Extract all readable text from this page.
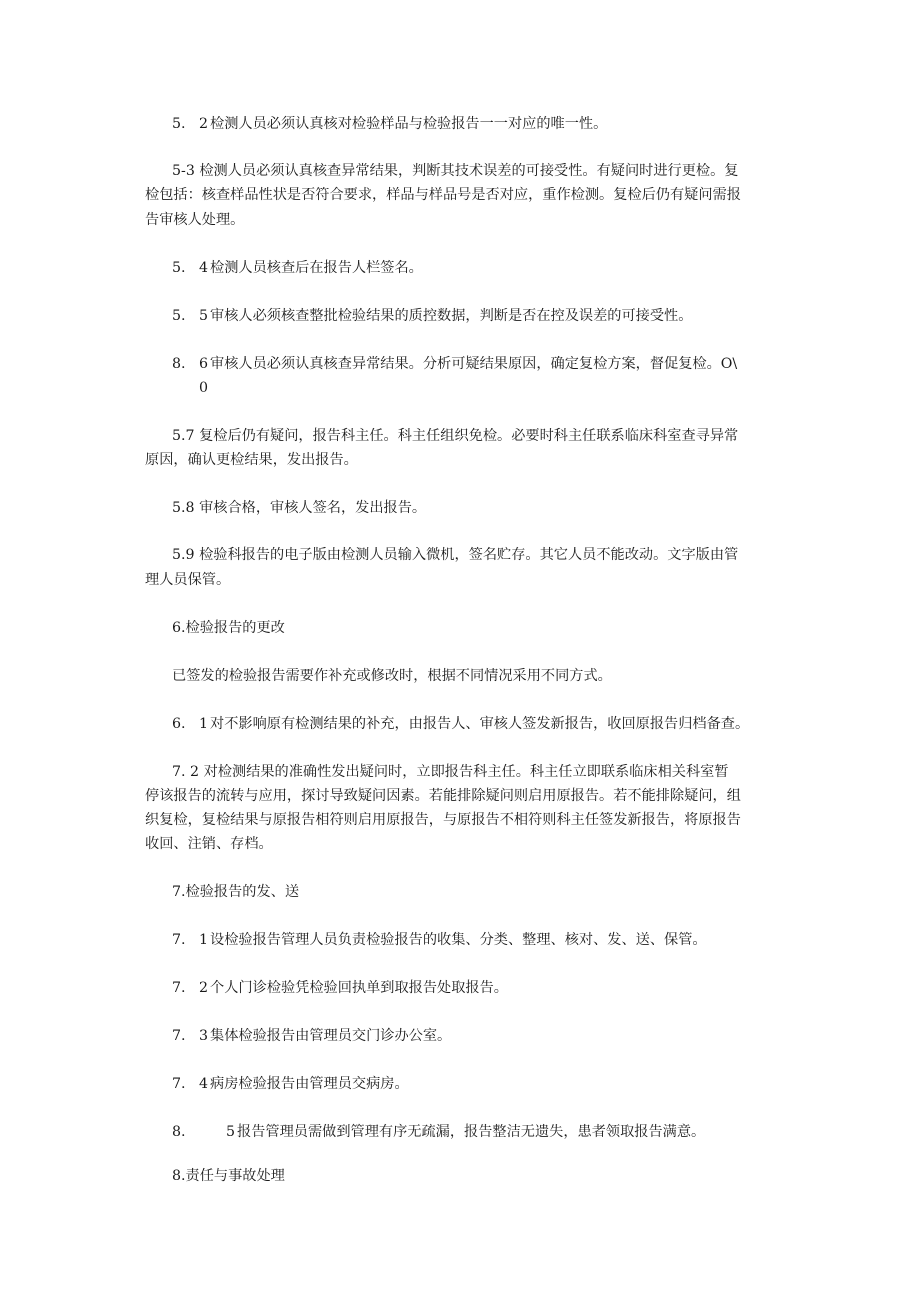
5. 2 检测人员必须认真核对检验样品与检验报告一一对应的唯一性。
5-3 检测人员必须认真核查异常结果，判断其技术误差的可接受性。有疑问时进行更检。复
检包括：核查样品性状是否符合要求，样品与样品号是否对应，重作检测。复检后仍有疑问需报
告审核人处理。
5. 4 检测人员核查后在报告人栏签名。
5. 5 审核人必须核查整批检验结果的质控数据，判断是否在控及误差的可接受性。
8. 6 审核人员必须认真核查异常结果。分析可疑结果原因，确定复检方案，督促复检。O\
0
5.7 复检后仍有疑问，报告科主任。科主任组织免检。必要时科主任联系临床科室查寻异常
原因，确认更检结果，发出报告。
5.8 审核合格，审核人签名，发出报告。
5.9 检验科报告的电子版由检测人员输入微机，签名贮存。其它人员不能改动。文字版由管
理人员保管。
6.检验报告的更改
已签发的检验报告需要作补充或修改时，根据不同情况采用不同方式。
6. 1 对不影响原有检测结果的补充，由报告人、审核人签发新报告，收回原报告归档备查。
7. 2 对检测结果的准确性发出疑问时，立即报告科主任。科主任立即联系临床相关科室暂
停该报告的流转与应用，探讨导致疑问因素。若能排除疑问则启用原报告。若不能排除疑问，组
织复检，复检结果与原报告相符则启用原报告，与原报告不相符则科主任签发新报告，将原报告
收回、注销、存档。
7.检验报告的发、送
7. 1 设检验报告管理人员负责检验报告的收集、分类、整理、核对、发、送、保管。
7. 2 个人门诊检验凭检验回执单到取报告处取报告。
7. 3 集体检验报告由管理员交门诊办公室。
7. 4 病房检验报告由管理员交病房。
8.	5 报告管理员需做到管理有序无疏漏，报告整洁无遗失，患者领取报告满意。
8.责任与事故处理
